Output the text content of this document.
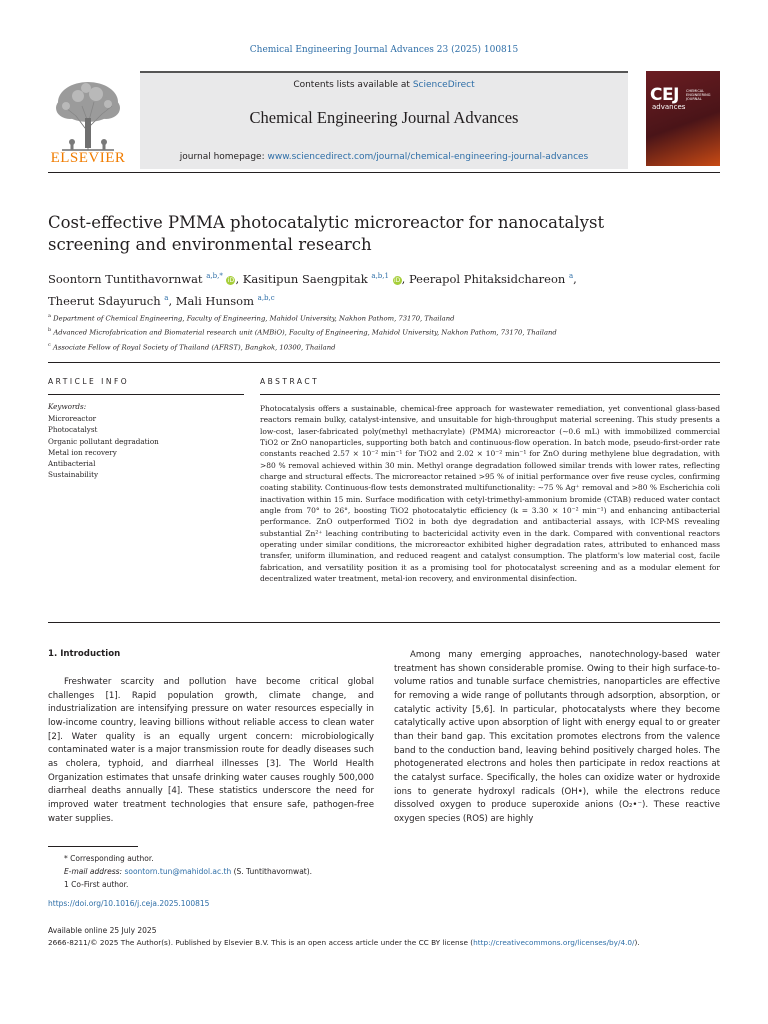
Chemical Engineering Journal Advances 23 (2025) 100815
ELSEVIER
Contents lists available at ScienceDirect
Chemical Engineering Journal Advances
journal homepage: www.sciencedirect.com/journal/chemical-engineering-journal-advances
CEJ
advances
CHEMICAL ENGINEERING JOURNAL
Cost-effective PMMA photocatalytic microreactor for nanocatalyst screening and environmental research
Soontorn Tuntithavornwat $^{a,b,*}$ iD, Kasitipun Saengpitak $^{a,b,1}$ iD, Peerapol Phitaksidchareon $^a$,
Theerut Sdayuruch $^a$, Mali Hunsom $^{a,b,c}$
$^a$ Department of Chemical Engineering, Faculty of Engineering, Mahidol University, Nakhon Pathom, 73170, Thailand
$^b$ Advanced Microfabrication and Biomaterial research unit (AMBiO), Faculty of Engineering, Mahidol University, Nakhon Pathom, 73170, Thailand
$^c$ Associate Fellow of Royal Society of Thailand (AFRST), Bangkok, 10300, Thailand
ARTICLE INFO	ABSTRACT
Keywords:
Microreactor
Photocatalyst
Organic pollutant degradation
Metal ion recovery
Antibacterial
Sustainability
Photocatalysis offers a sustainable, chemical-free approach for wastewater remediation, yet conventional glass-based reactors remain bulky, catalyst-intensive, and unsuitable for high-throughput material screening. This study presents a low-cost, laser-fabricated poly(methyl methacrylate) (PMMA) microreactor (∼0.6 mL) with immobilized commercial TiO2 or ZnO nanoparticles, supporting both batch and continuous-flow operation. In batch mode, pseudo-first-order rate constants reached 2.57 × 10⁻² min⁻¹ for TiO2 and 2.02 × 10⁻² min⁻¹ for ZnO during methylene blue degradation, with >80 % removal achieved within 30 min. Methyl orange degradation followed similar trends with lower rates, reflecting charge and structural effects. The microreactor retained >95 % of initial performance over five reuse cycles, confirming coating stability. Continuous-flow tests demonstrated multifunctionality: ∼75 % Ag⁺ removal and >80 % Escherichia coli inactivation within 15 min. Surface modification with cetyl-trimethyl-ammonium bromide (CTAB) reduced water contact angle from 70° to 26°, boosting TiO2 photocatalytic efficiency (k = 3.30 × 10⁻² min⁻¹) and enhancing antibacterial performance. ZnO outperformed TiO2 in both dye degradation and antibacterial assays, with ICP-MS revealing substantial Zn²⁺ leaching contributing to bactericidal activity even in the dark. Compared with conventional reactors operating under similar conditions, the microreactor exhibited higher degradation rates, attributed to enhanced mass transfer, uniform illumination, and reduced reagent and catalyst consumption. The platform's low material cost, facile fabrication, and versatility position it as a promising tool for photocatalyst screening and as a modular element for decentralized water treatment, metal-ion recovery, and environmental disinfection.
1. Introduction

Freshwater scarcity and pollution have become critical global challenges [1]. Rapid population growth, climate change, and industrialization are intensifying pressure on water resources especially in low-income country, leaving billions without reliable access to clean water [2]. Water quality is an equally urgent concern: microbiologically contaminated water is a major transmission route for deadly diseases such as cholera, typhoid, and diarrheal illnesses [3]. The World Health Organization estimates that unsafe drinking water causes roughly 500,000 diarrheal deaths annually [4]. These statistics underscore the need for improved water treatment technologies that ensure safe, pathogen-free water supplies.

Among many emerging approaches, nanotechnology-based water treatment has shown considerable promise. Owing to their high surface-to-volume ratios and tunable surface chemistries, nanoparticles are effective for removing a wide range of pollutants through adsorption, absorption, or catalytic activity [5,6]. In particular, photocatalysts where they become catalytically active upon absorption of light with energy equal to or greater than their band gap. This excitation promotes electrons from the valence band to the conduction band, leaving behind positively charged holes. The photogenerated electrons and holes then participate in redox reactions at the catalyst surface. Specifically, the holes can oxidize water or hydroxide ions to generate hydroxyl radicals (OH•), while the electrons reduce dissolved oxygen to produce superoxide anions (O₂•⁻). These reactive oxygen species (ROS) are highly

* Corresponding author.
E-mail address: soontorn.tun@mahidol.ac.th (S. Tuntithavornwat).
1 Co-First author.
https://doi.org/10.1016/j.ceja.2025.100815
Available online 25 July 2025
2666-8211/© 2025 The Author(s). Published by Elsevier B.V. This is an open access article under the CC BY license (http://creativecommons.org/licenses/by/4.0/).
